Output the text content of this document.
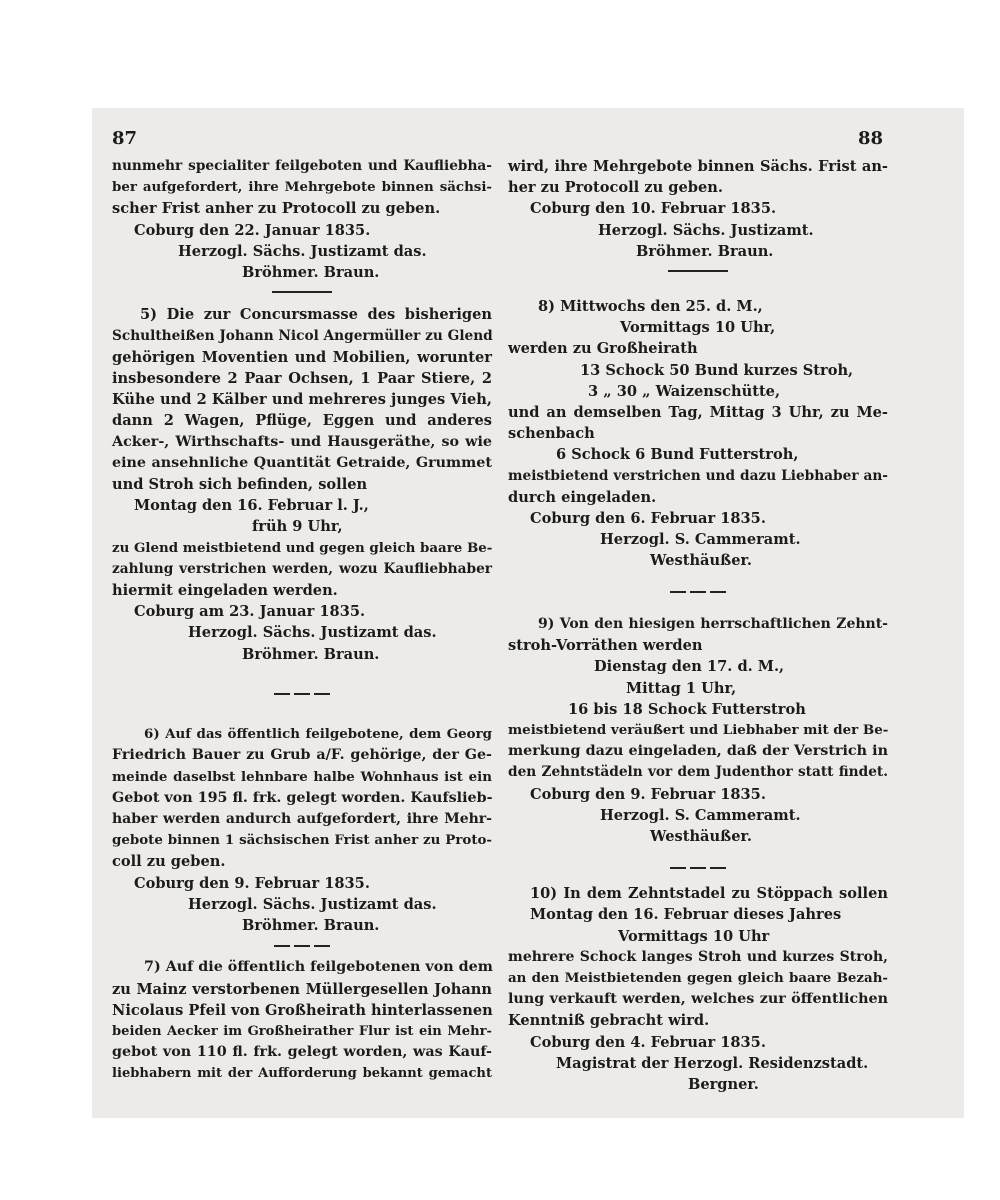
87	88
nunmehr specialiter feilgeboten und Kaufliebha-
ber aufgefordert, ihre Mehrgebote binnen sächsi-
scher Frist anher zu Protocoll zu geben.
Coburg den 22. Januar 1835.
Herzogl. Sächs. Justizamt das.
Bröhmer. Braun.
5) Die zur Concursmasse des bisherigen
Schultheißen Johann Nicol Angermüller zu Glend
gehörigen Moventien und Mobilien, worunter
insbesondere 2 Paar Ochsen, 1 Paar Stiere, 2
Kühe und 2 Kälber und mehreres junges Vieh,
dann 2 Wagen, Pflüge, Eggen und anderes
Acker-, Wirthschafts- und Hausgeräthe, so wie
eine ansehnliche Quantität Getraide, Grummet
und Stroh sich befinden, sollen
Montag den 16. Februar l. J.,
früh 9 Uhr,
zu Glend meistbietend und gegen gleich baare Be-
zahlung verstrichen werden, wozu Kaufliebhaber
hiermit eingeladen werden.
Coburg am 23. Januar 1835.
Herzogl. Sächs. Justizamt das.
Bröhmer. Braun.
6) Auf das öffentlich feilgebotene, dem Georg
Friedrich Bauer zu Grub a/F. gehörige, der Ge-
meinde daselbst lehnbare halbe Wohnhaus ist ein
Gebot von 195 fl. frk. gelegt worden. Kaufslieb-
haber werden andurch aufgefordert, ihre Mehr-
gebote binnen 1 sächsischen Frist anher zu Proto-
coll zu geben.
Coburg den 9. Februar 1835.
Herzogl. Sächs. Justizamt das.
Bröhmer. Braun.
7) Auf die öffentlich feilgebotenen von dem
zu Mainz verstorbenen Müllergesellen Johann
Nicolaus Pfeil von Großheirath hinterlassenen
beiden Aecker im Großheirather Flur ist ein Mehr-
gebot von 110 fl. frk. gelegt worden, was Kauf-
liebhabern mit der Aufforderung bekannt gemacht
wird, ihre Mehrgebote binnen Sächs. Frist an-
her zu Protocoll zu geben.
Coburg den 10. Februar 1835.
Herzogl. Sächs. Justizamt.
Bröhmer. Braun.
8) Mittwochs den 25. d. M.,
Vormittags 10 Uhr,
werden zu Großheirath
13 Schock 50 Bund kurzes Stroh,
3 „ 30 „ Waizenschütte,
und an demselben Tag, Mittag 3 Uhr, zu Me-
schenbach
6 Schock 6 Bund Futterstroh,
meistbietend verstrichen und dazu Liebhaber an-
durch eingeladen.
Coburg den 6. Februar 1835.
Herzogl. S. Cammeramt.
Westhäußer.
9) Von den hiesigen herrschaftlichen Zehnt-
stroh-Vorräthen werden
Dienstag den 17. d. M.,
Mittag 1 Uhr,
16 bis 18 Schock Futterstroh
meistbietend veräußert und Liebhaber mit der Be-
merkung dazu eingeladen, daß der Verstrich in
den Zehntstädeln vor dem Judenthor statt findet.
Coburg den 9. Februar 1835.
Herzogl. S. Cammeramt.
Westhäußer.
10) In dem Zehntstadel zu Stöppach sollen
Montag den 16. Februar dieses Jahres
Vormittags 10 Uhr
mehrere Schock langes Stroh und kurzes Stroh,
an den Meistbietenden gegen gleich baare Bezah-
lung verkauft werden, welches zur öffentlichen
Kenntniß gebracht wird.
Coburg den 4. Februar 1835.
Magistrat der Herzogl. Residenzstadt.
Bergner.
